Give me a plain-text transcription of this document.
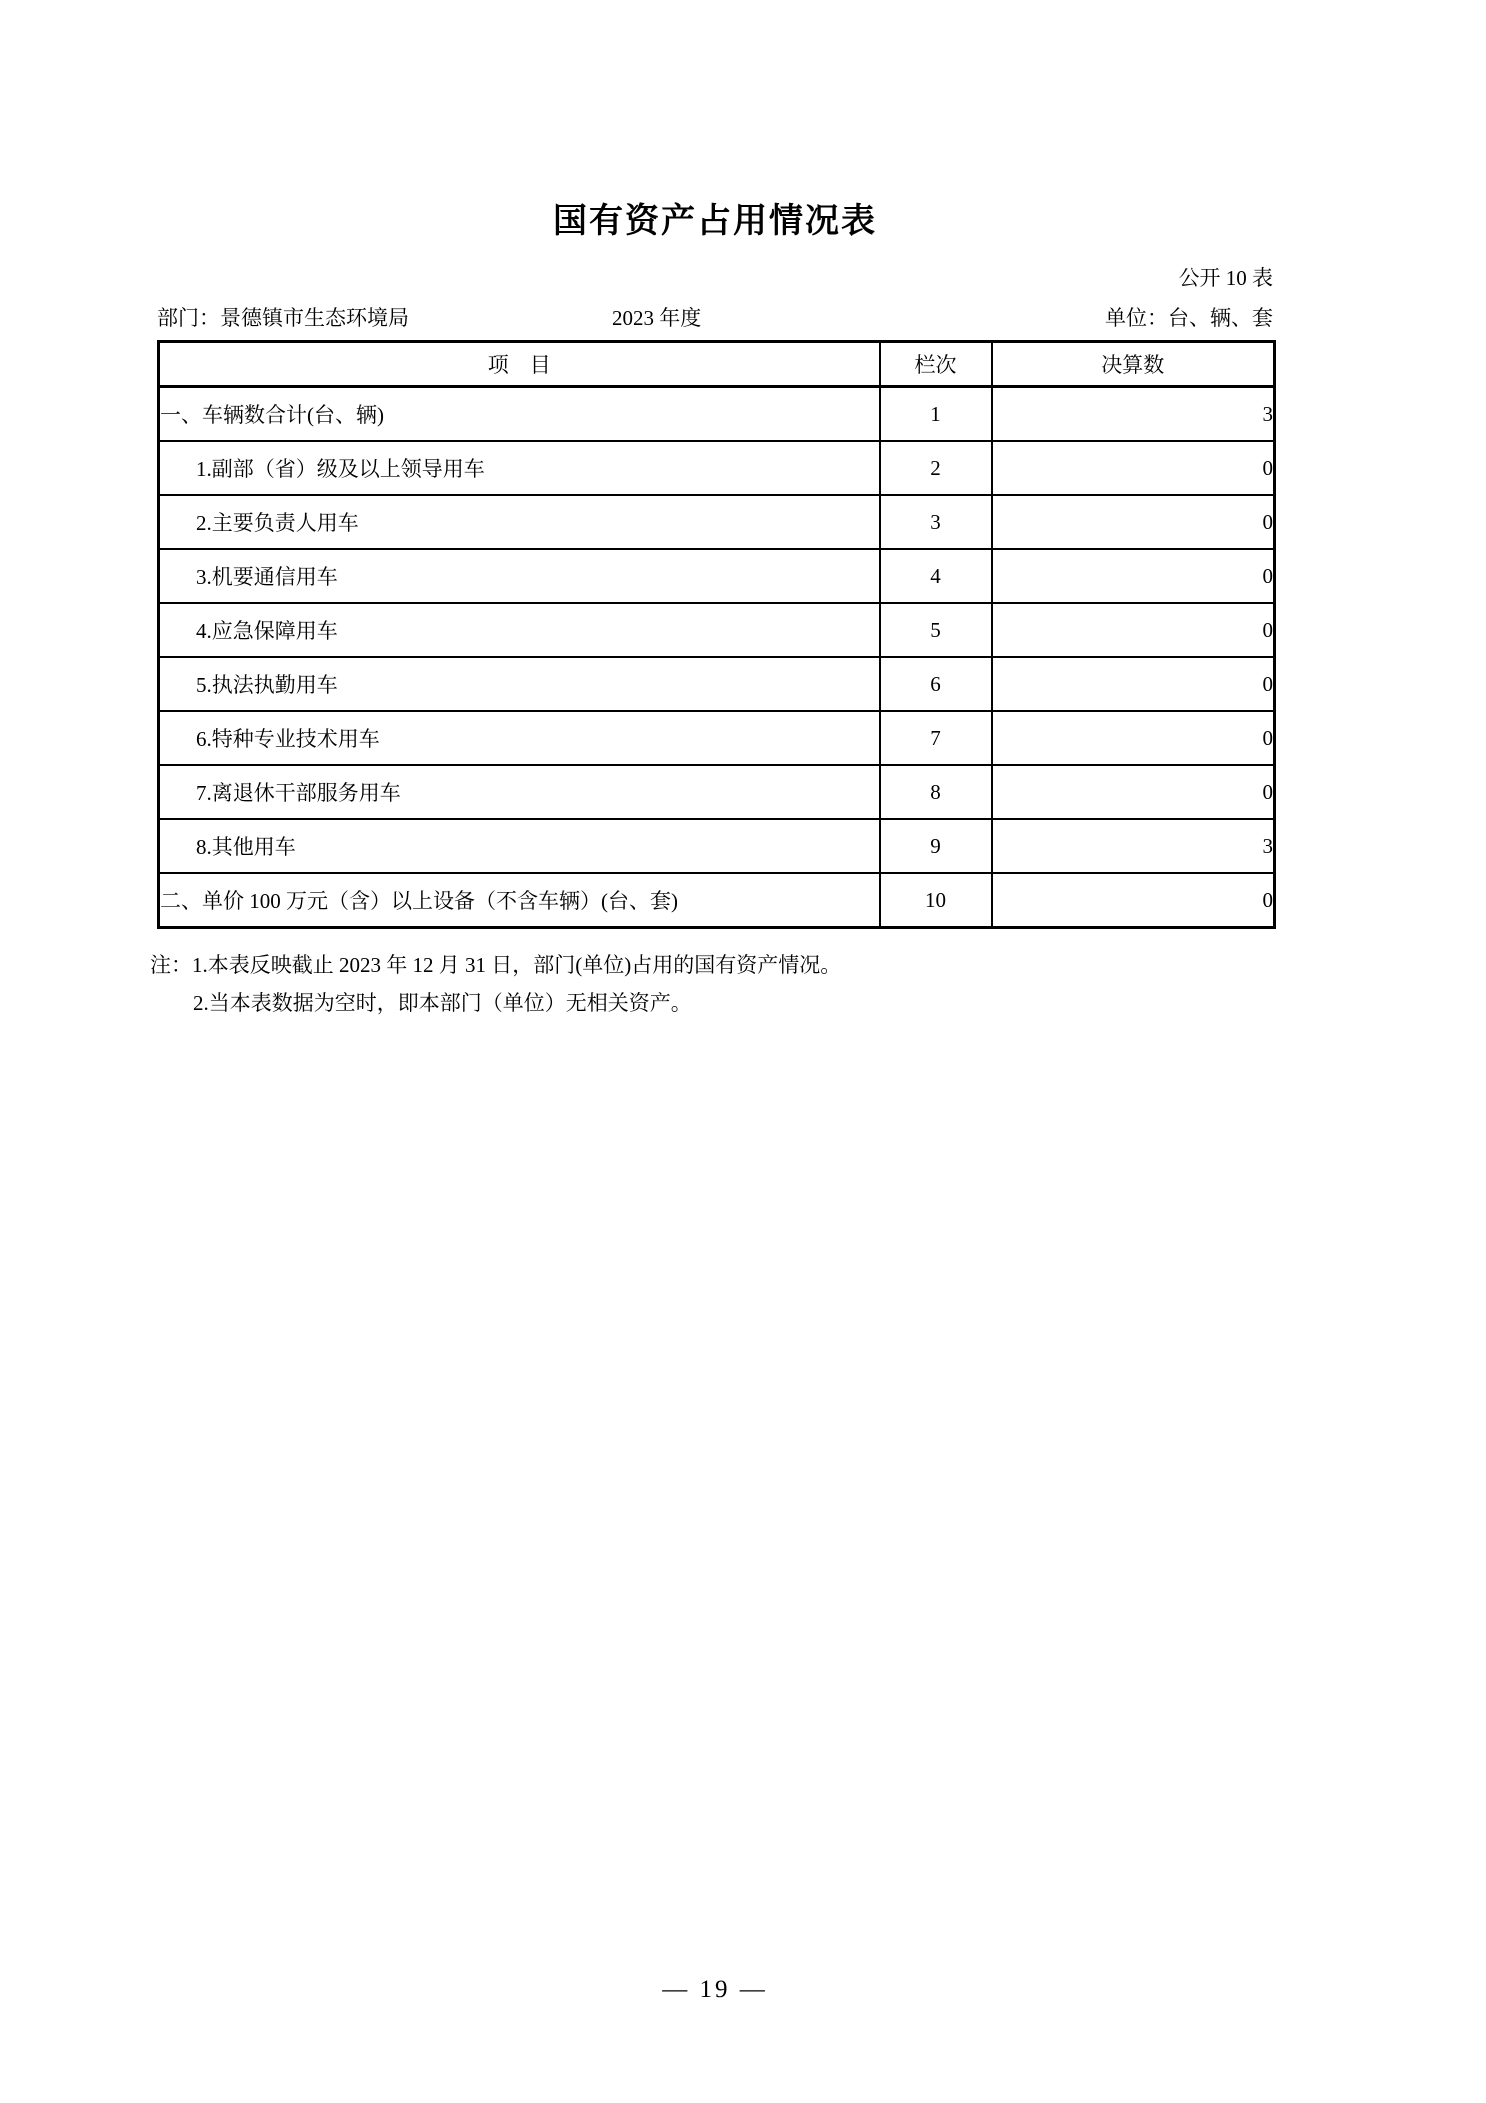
国有资产占用情况表
公开 10 表
部门：景德镇市生态环境局	2023 年度	单位：台、辆、套
项　目	栏次	决算数
一、车辆数合计(台、辆)	1	3
1.副部（省）级及以上领导用车	2	0
2.主要负责人用车	3	0
3.机要通信用车	4	0
4.应急保障用车	5	0
5.执法执勤用车	6	0
6.特种专业技术用车	7	0
7.离退休干部服务用车	8	0
8.其他用车	9	3
二、单价 100 万元（含）以上设备（不含车辆）(台、套)	10	0
注：1.本表反映截止 2023 年 12 月 31 日，部门(单位)占用的国有资产情况。
2.当本表数据为空时，即本部门（单位）无相关资产。
— 19 —
